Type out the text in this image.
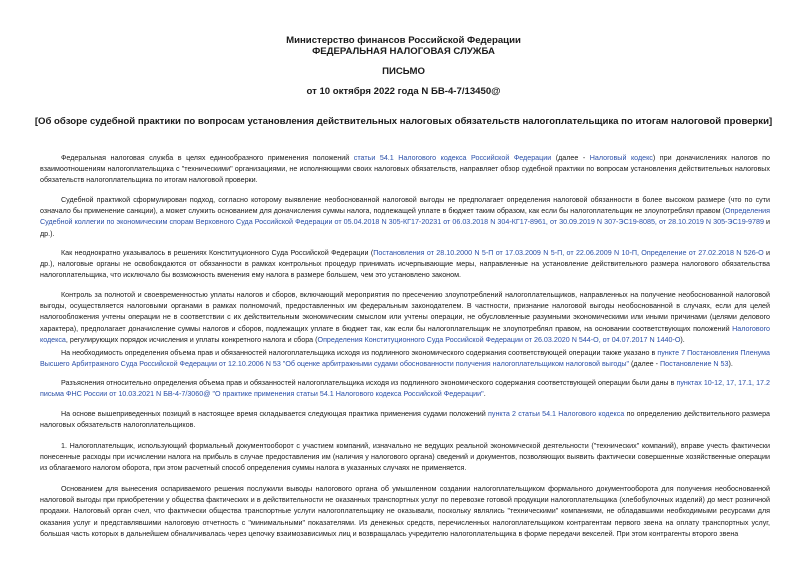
Министерство финансов Российской Федерации
ФЕДЕРАЛЬНАЯ НАЛОГОВАЯ СЛУЖБА
ПИСЬМО
от 10 октября 2022 года N БВ-4-7/13450@
[Об обзоре судебной практики по вопросам установления действительных налоговых обязательств налогоплательщика по итогам налоговой проверки]

Федеральная налоговая служба в целях единообразного применения положений статьи 54.1 Налогового кодекса Российской Федерации (далее - Налоговый кодекс) при доначислениях налогов по взаимоотношениям налогоплательщика с "техническими" организациями, не исполняющими своих налоговых обязательств, направляет обзор судебной практики по вопросам установления действительных налоговых обязательств налогоплательщика по итогам налоговой проверки.

Судебной практикой сформулирован подход, согласно которому выявление необоснованной налоговой выгоды не предполагает определения налоговой обязанности в более высоком размере (что по сути означало бы применение санкции), а может служить основанием для доначисления суммы налога, подлежащей уплате в бюджет таким образом, как если бы налогоплательщик не злоупотреблял правом (Определения Судебной коллегии по экономическим спорам Верховного Суда Российской Федерации от 05.04.2018 N 305-КГ17-20231 от 06.03.2018 N 304-КГ17-8961, от 30.09.2019 N 307-ЭС19-8085, от 28.10.2019 N 305-ЭС19-9789 и др.).

Как неоднократно указывалось в решениях Конституционного Суда Российской Федерации (Постановления от 28.10.2000 N 5-П от 17.03.2009 N 5-П, от 22.06.2009 N 10-П, Определение от 27.02.2018 N 526-О и др.), налоговые органы не освобождаются от обязанности в рамках контрольных процедур принимать исчерпывающие меры, направленные на установление действительного размера налогового обязательства налогоплательщика, что исключало бы возможность вменения ему налога в размере большем, чем это установлено законом.

Контроль за полнотой и своевременностью уплаты налогов и сборов, включающий мероприятия по пресечению злоупотреблений налогоплательщиков, направленных на получение необоснованной налоговой выгоды, осуществляется налоговыми органами в рамках полномочий, предоставленных им федеральным законодателем. В частности, признание налоговой выгоды необоснованной в случаях, если для целей налогообложения учтены операции не в соответствии с их действительным экономическим смыслом или учтены операции, не обусловленные разумными экономическими или иными причинами (целями делового характера), предполагает доначисление суммы налогов и сборов, подлежащих уплате в бюджет так, как если бы налогоплательщик не злоупотреблял правом, на основании соответствующих положений Налогового кодекса, регулирующих порядок исчисления и уплаты конкретного налога и сбора (Определения Конституционного Суда Российской Федерации от 26.03.2020 N 544-О, от 04.07.2017 N 1440-О).

На необходимость определения объема прав и обязанностей налогоплательщика исходя из подлинного экономического содержания соответствующей операции также указано в пункте 7 Постановления Пленума Высшего Арбитражного Суда Российской Федерации от 12.10.2006 N 53 "Об оценке арбитражными судами обоснованности получения налогоплательщиком налоговой выгоды" (далее - Постановление N 53).

Разъяснения относительно определения объема прав и обязанностей налогоплательщика исходя из подлинного экономического содержания соответствующей операции были даны в пунктах 10-12, 17, 17.1, 17.2 письма ФНС России от 10.03.2021 N БВ-4-7/3060@ "О практике применения статьи 54.1 Налогового кодекса Российской Федерации".

На основе вышеприведенных позиций в настоящее время складывается следующая практика применения судами положений пункта 2 статьи 54.1 Налогового кодекса по определению действительного размера налоговых обязательств налогоплательщиков.

1. Налогоплательщик, использующий формальный документооборот с участием компаний, изначально не ведущих реальной экономической деятельности ("технических" компаний), вправе учесть фактически понесенные расходы при исчислении налога на прибыль в случае предоставления им (наличия у налогового органа) сведений и документов, позволяющих выявить фактически совершенные хозяйственные операции из облагаемого налогом оборота, при этом расчетный способ определения суммы налога в указанных случаях не применяется.

Основанием для вынесения оспариваемого решения послужили выводы налогового органа об умышленном создании налогоплательщиком формального документооборота для получения необоснованной налоговой выгоды при приобретении у общества фактических и в действительности не оказанных транспортных услуг по перевозке готовой продукции налогоплательщика (хлебобулочных изделий) до мест розничной продажи. Налоговый орган счел, что фактически общества транспортные услуги налогоплательщику не оказывали, поскольку являлись "техническими" компаниями, не обладавшими необходимыми ресурсами для оказания услуг и представлявшими налоговую отчетность с "минимальными" показателями. Из денежных средств, перечисленных налогоплательщиком контрагентам первого звена на оплату транспортных услуг, большая часть которых в дальнейшем обналичивалась через цепочку взаимозависимых лиц и возвращалась учредителю налогоплательщика в форме передачи векселей. При этом контрагенты второго звена
